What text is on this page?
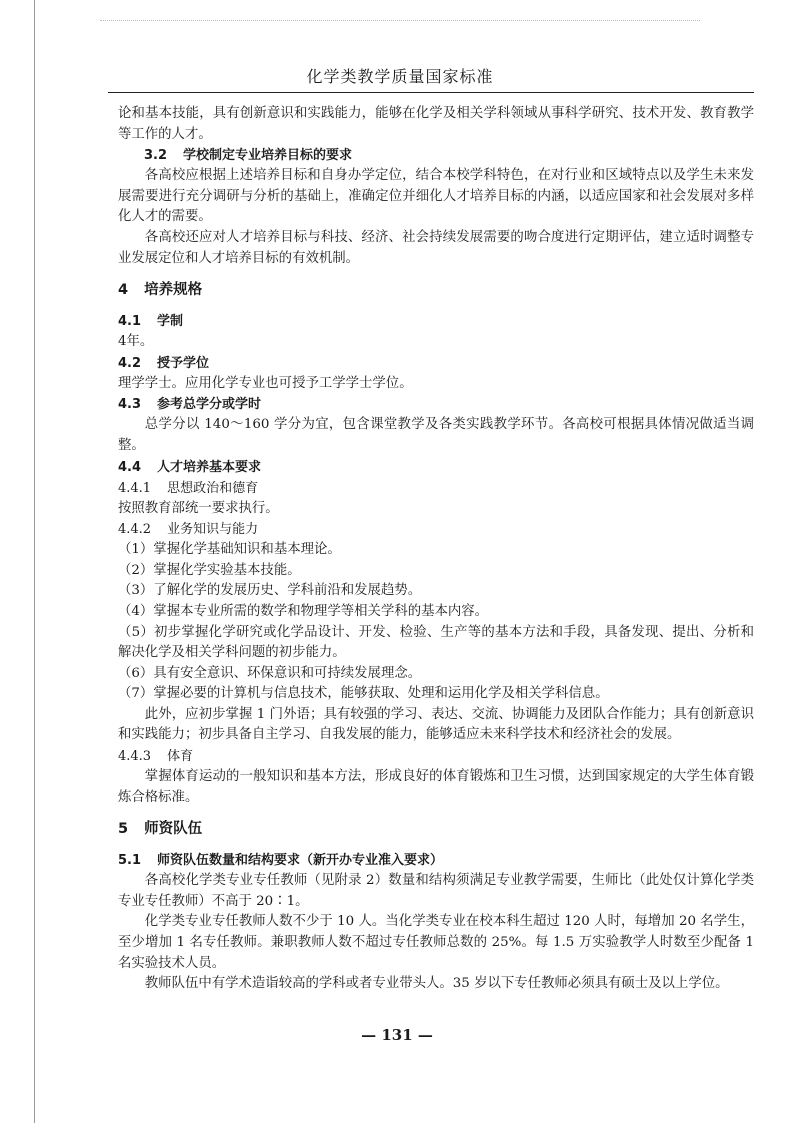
化学类教学质量国家标准

论和基本技能，具有创新意识和实践能力，能够在化学及相关学科领域从事科学研究、技术开发、教育教学等工作的人才。

3.2 学校制定专业培养目标的要求

各高校应根据上述培养目标和自身办学定位，结合本校学科特色，在对行业和区域特点以及学生未来发展需要进行充分调研与分析的基础上，准确定位并细化人才培养目标的内涵，以适应国家和社会发展对多样化人才的需要。

各高校还应对人才培养目标与科技、经济、社会持续发展需要的吻合度进行定期评估，建立适时调整专业发展定位和人才培养目标的有效机制。

4 培养规格
4.1 学制

4年。

4.2 授予学位

理学学士。应用化学专业也可授予工学学士学位。

4.3 参考总学分或学时

总学分以 140～160 学分为宜，包含课堂教学及各类实践教学环节。各高校可根据具体情况做适当调整。

4.4 人才培养基本要求
4.4.1 思想政治和德育

按照教育部统一要求执行。

4.4.2 业务知识与能力

（1）掌握化学基础知识和基本理论。

（2）掌握化学实验基本技能。

（3）了解化学的发展历史、学科前沿和发展趋势。

（4）掌握本专业所需的数学和物理学等相关学科的基本内容。

（5）初步掌握化学研究或化学品设计、开发、检验、生产等的基本方法和手段，具备发现、提出、分析和解决化学及相关学科问题的初步能力。

（6）具有安全意识、环保意识和可持续发展理念。

（7）掌握必要的计算机与信息技术，能够获取、处理和运用化学及相关学科信息。

此外，应初步掌握 1 门外语；具有较强的学习、表达、交流、协调能力及团队合作能力；具有创新意识和实践能力；初步具备自主学习、自我发展的能力，能够适应未来科学技术和经济社会的发展。

4.4.3 体育

掌握体育运动的一般知识和基本方法，形成良好的体育锻炼和卫生习惯，达到国家规定的大学生体育锻炼合格标准。

5 师资队伍
5.1 师资队伍数量和结构要求（新开办专业准入要求）

各高校化学类专业专任教师（见附录 2）数量和结构须满足专业教学需要，生师比（此处仅计算化学类专业专任教师）不高于 20∶1。

化学类专业专任教师人数不少于 10 人。当化学类专业在校本科生超过 120 人时，每增加 20 名学生，至少增加 1 名专任教师。兼职教师人数不超过专任教师总数的 25%。每 1.5 万实验教学人时数至少配备 1 名实验技术人员。

教师队伍中有学术造诣较高的学科或者专业带头人。35 岁以下专任教师必须具有硕士及以上学位。

— 131 —
